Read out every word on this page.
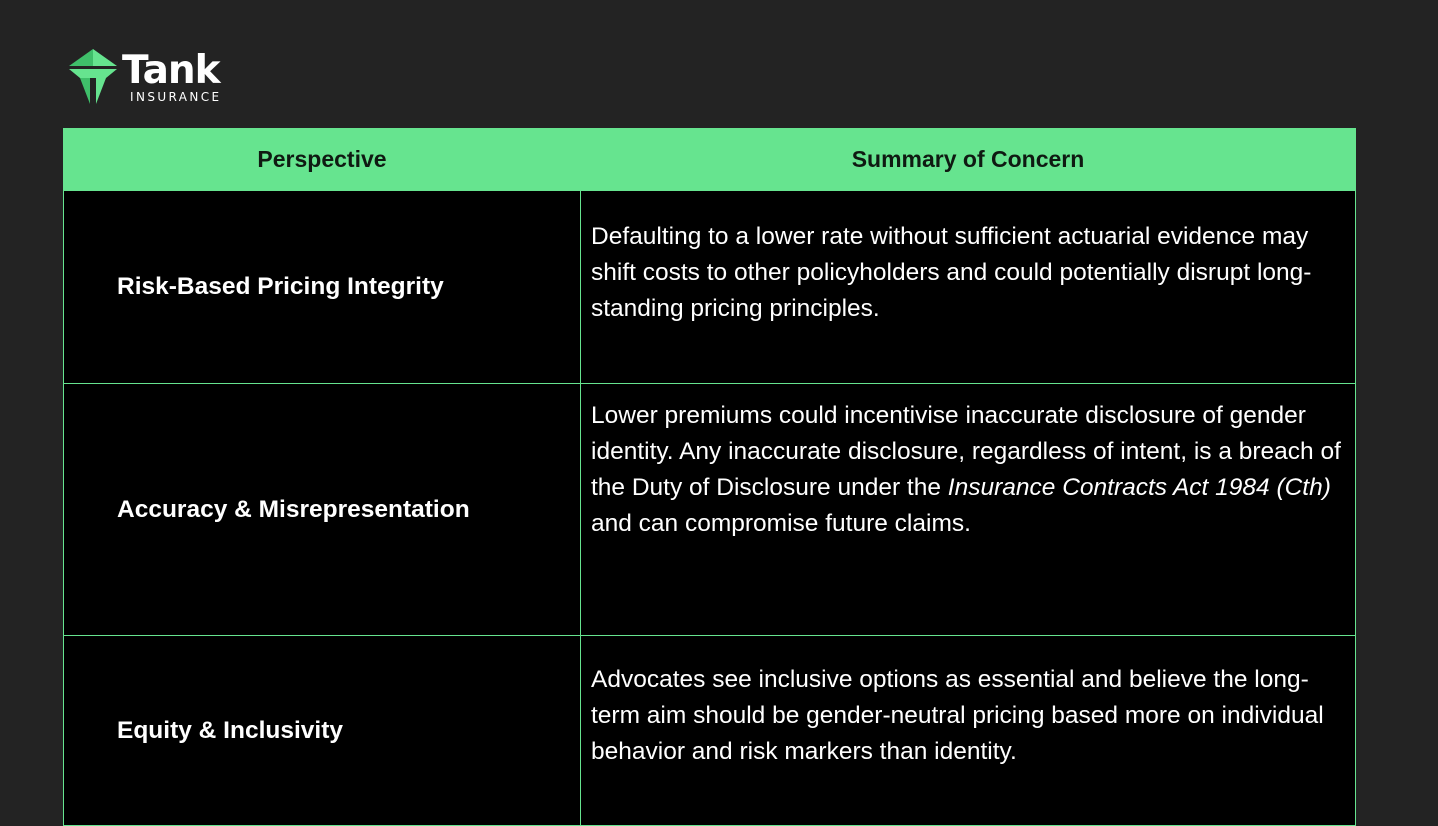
Tank
INSURANCE
Perspective	Summary of Concern
Risk-Based Pricing Integrity	Defaulting to a lower rate without sufficient actuarial evidence may shift costs to other policyholders and could potentially disrupt long-standing pricing principles.
Accuracy & Misrepresentation	Lower premiums could incentivise inaccurate disclosure of gender identity. Any inaccurate disclosure, regardless of intent, is a breach of the Duty of Disclosure under the Insurance Contracts Act 1984 (Cth) and can compromise future claims.
Equity & Inclusivity	Advocates see inclusive options as essential and believe the long-term aim should be gender-neutral pricing based more on individual behavior and risk markers than identity.
